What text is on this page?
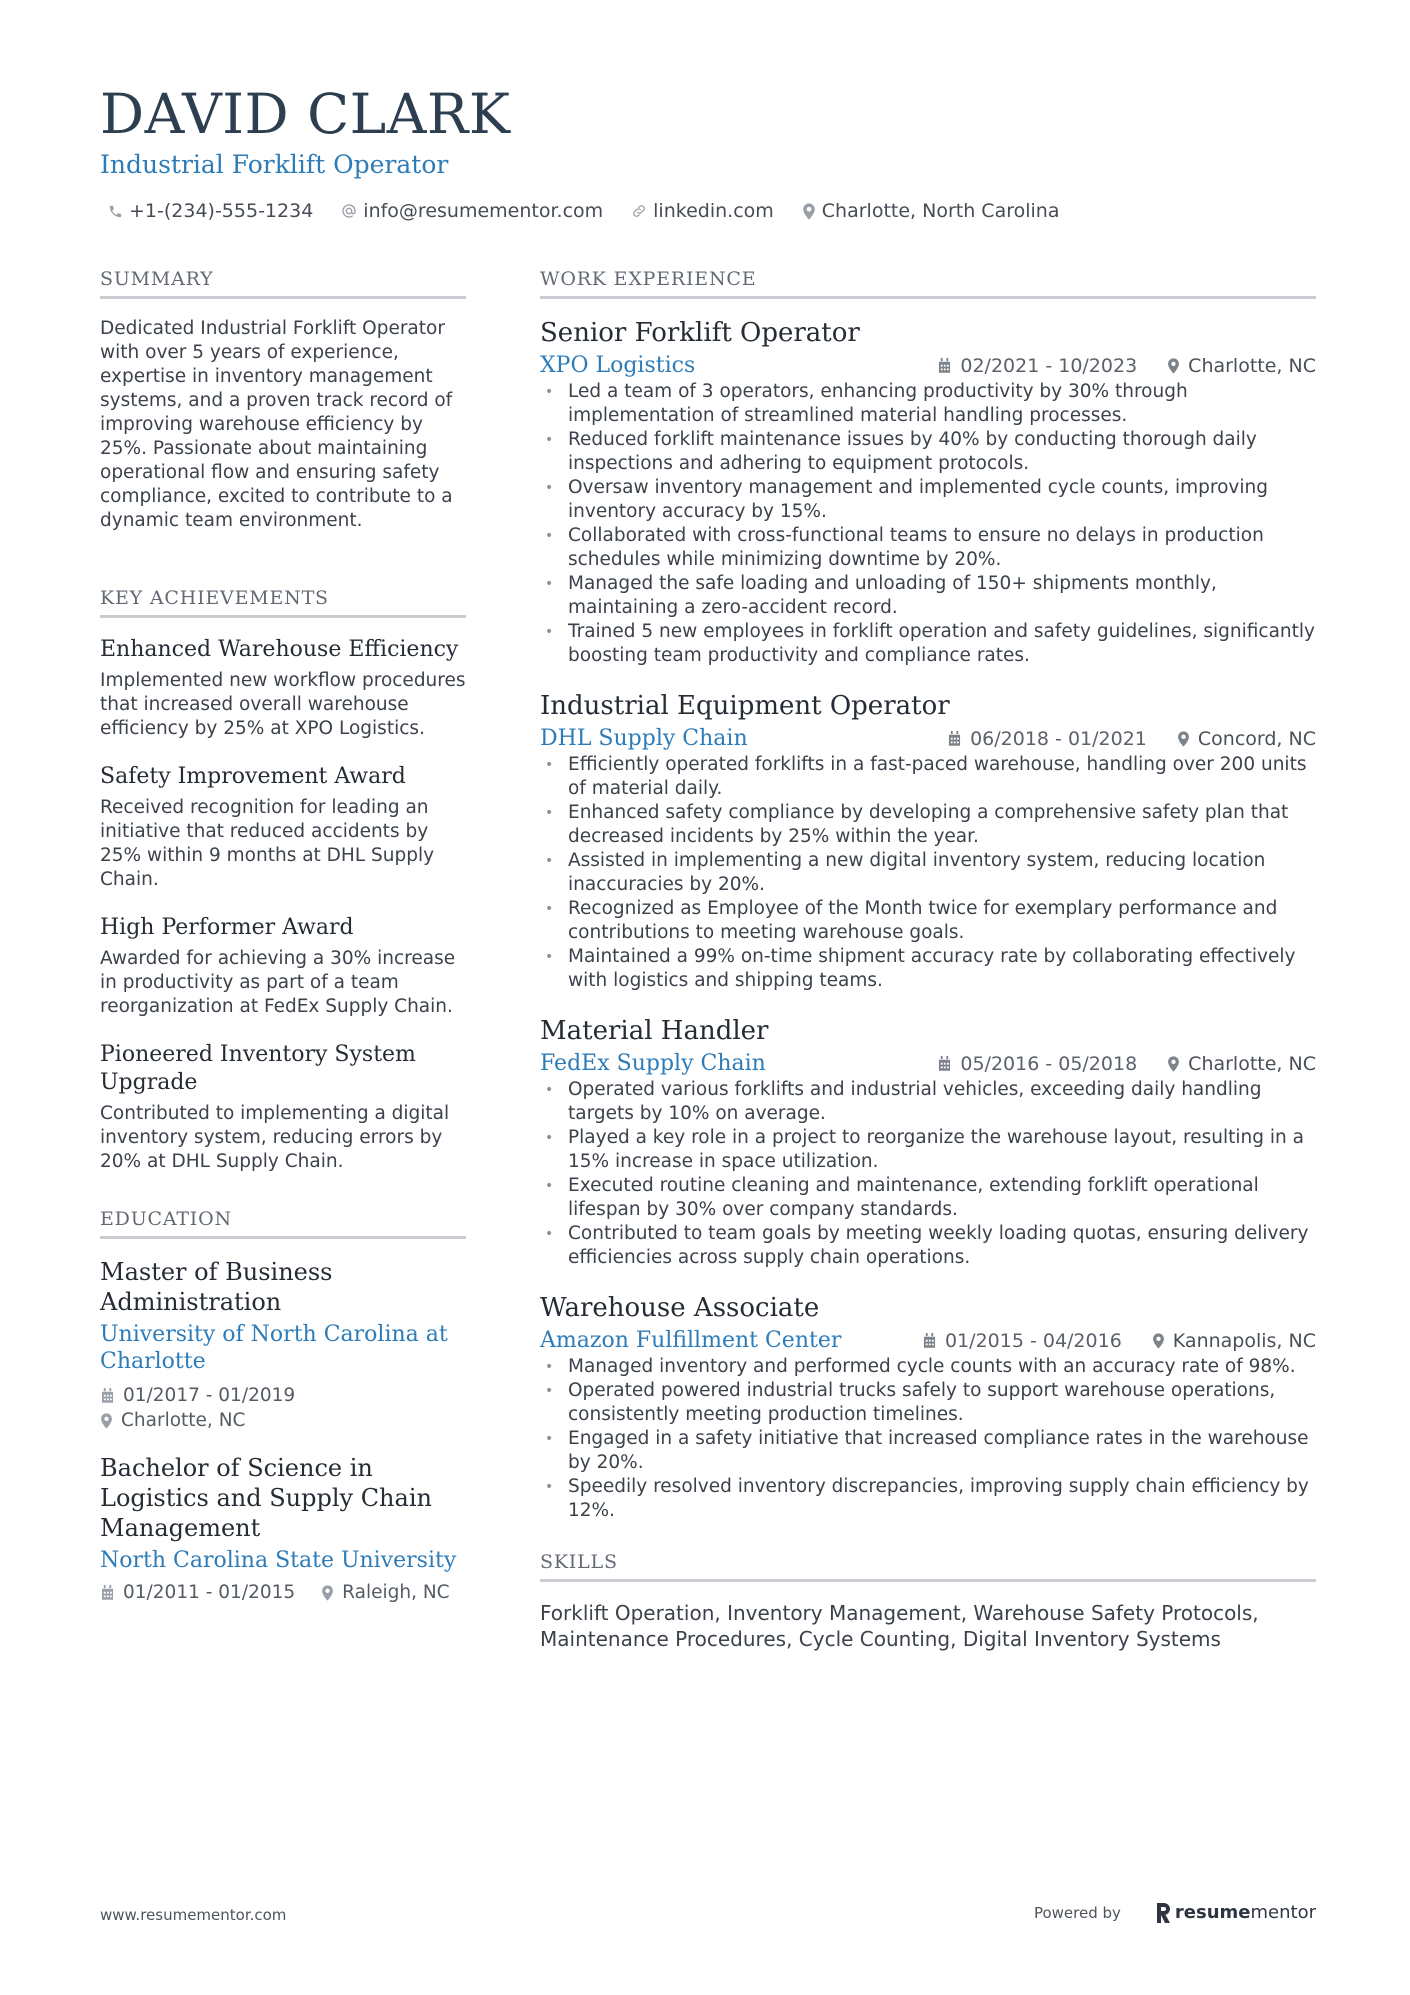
DAVID CLARK
Industrial Forklift Operator
+1-(234)-555-1234	info@resumementor.com	linkedin.com	Charlotte, North Carolina
SUMMARY
Dedicated Industrial Forklift Operator with over 5 years of experience, expertise in inventory management systems, and a proven track record of improving warehouse efficiency by 25%. Passionate about maintaining operational flow and ensuring safety compliance, excited to contribute to a dynamic team environment.
KEY ACHIEVEMENTS
Enhanced Warehouse Efficiency
Implemented new workflow procedures that increased overall warehouse efficiency by 25% at XPO Logistics.
Safety Improvement Award
Received recognition for leading an initiative that reduced accidents by 25% within 9 months at DHL Supply Chain.
High Performer Award
Awarded for achieving a 30% increase in productivity as part of a team reorganization at FedEx Supply Chain.
Pioneered Inventory System Upgrade
Contributed to implementing a digital inventory system, reducing errors by 20% at DHL Supply Chain.
EDUCATION
Master of Business Administration
University of North Carolina at Charlotte
01/2017 - 01/2019
Charlotte, NC
Bachelor of Science in Logistics and Supply Chain Management
North Carolina State University
01/2011 - 01/2015	Raleigh, NC
WORK EXPERIENCE
Senior Forklift Operator
XPO Logistics	02/2021 - 10/2023	Charlotte, NC
• Led a team of 3 operators, enhancing productivity by 30% through implementation of streamlined material handling processes.
• Reduced forklift maintenance issues by 40% by conducting thorough daily inspections and adhering to equipment protocols.
• Oversaw inventory management and implemented cycle counts, improving inventory accuracy by 15%.
• Collaborated with cross-functional teams to ensure no delays in production schedules while minimizing downtime by 20%.
• Managed the safe loading and unloading of 150+ shipments monthly, maintaining a zero-accident record.
• Trained 5 new employees in forklift operation and safety guidelines, significantly boosting team productivity and compliance rates.
Industrial Equipment Operator
DHL Supply Chain	06/2018 - 01/2021	Concord, NC
• Efficiently operated forklifts in a fast-paced warehouse, handling over 200 units of material daily.
• Enhanced safety compliance by developing a comprehensive safety plan that decreased incidents by 25% within the year.
• Assisted in implementing a new digital inventory system, reducing location inaccuracies by 20%.
• Recognized as Employee of the Month twice for exemplary performance and contributions to meeting warehouse goals.
• Maintained a 99% on-time shipment accuracy rate by collaborating effectively with logistics and shipping teams.
Material Handler
FedEx Supply Chain	05/2016 - 05/2018	Charlotte, NC
• Operated various forklifts and industrial vehicles, exceeding daily handling targets by 10% on average.
• Played a key role in a project to reorganize the warehouse layout, resulting in a 15% increase in space utilization.
• Executed routine cleaning and maintenance, extending forklift operational lifespan by 30% over company standards.
• Contributed to team goals by meeting weekly loading quotas, ensuring delivery efficiencies across supply chain operations.
Warehouse Associate
Amazon Fulfillment Center	01/2015 - 04/2016	Kannapolis, NC
• Managed inventory and performed cycle counts with an accuracy rate of 98%.
• Operated powered industrial trucks safely to support warehouse operations, consistently meeting production timelines.
• Engaged in a safety initiative that increased compliance rates in the warehouse by 20%.
• Speedily resolved inventory discrepancies, improving supply chain efficiency by 12%.
SKILLS
Forklift Operation, Inventory Management, Warehouse Safety Protocols, Maintenance Procedures, Cycle Counting, Digital Inventory Systems
www.resumementor.com	Powered by	resumementor
